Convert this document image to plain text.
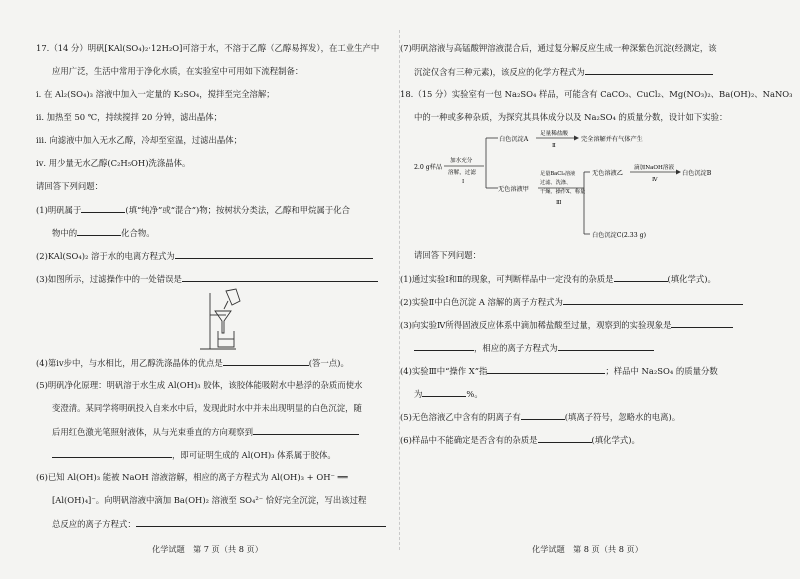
17.（14 分）明矾[KAl(SO₄)₂·12H₂O]可溶于水，不溶于乙醇（乙醇易挥发），在工业生产中
应用广泛，生活中常用于净化水质，在实验室中可用如下流程制备：
ⅰ. 在 Al₂(SO₄)₃ 溶液中加入一定量的 K₂SO₄，搅拌至完全溶解；
ⅱ. 加热至 50 ℃，持续搅拌 20 分钟，滤出晶体；
ⅲ. 向滤液中加入无水乙醇，冷却至室温，过滤出晶体；
ⅳ. 用少量无水乙醇(C₂H₅OH)洗涤晶体。
请回答下列问题：
(1)明矾属于	(填“纯净”或“混合”)物；按树状分类法，乙醇和甲烷属于化合
物中的	化合物。
(2)KAl(SO₄)₂ 溶于水的电离方程式为
(3)如图所示，过滤操作中的一处错误是
(4)第ⅳ步中，与水相比，用乙醇洗涤晶体的优点是	(答一点)。
(5)明矾净化原理：明矾溶于水生成 Al(OH)₃ 胶体，该胶体能吸附水中悬浮的杂质而使水
变澄清。某同学将明矾投入自来水中后，发现此时水中并未出现明显的白色沉淀，随
后用红色激光笔照射液体，从与光束垂直的方向观察到
，即可证明生成的 Al(OH)₃ 体系属于胶体。
(6)已知 Al(OH)₃ 能被 NaOH 溶液溶解，相应的离子方程式为 Al(OH)₃ + OH⁻ ══
[Al(OH)₄]⁻。向明矾溶液中滴加 Ba(OH)₂ 溶液至 SO₄²⁻ 恰好完全沉淀，写出该过程
总反应的离子方程式：
化学试题　第 7 页（共 8 页）
(7)明矾溶液与高锰酸钾溶液混合后，通过复分解反应生成一种深紫色沉淀(经测定，该
沉淀仅含有三种元素)，该反应的化学方程式为
18.（15 分）实验室有一包 Na₂SO₄ 样品，可能含有 CaCO₃、CuCl₂、Mg(NO₃)₂、Ba(OH)₂、NaNO₃
中的一种或多种杂质，为探究其具体成分以及 Na₂SO₄ 的质量分数，设计如下实验：
2.0 g样品
加水充分
溶解，过滤
Ⅰ
白色沉淀A
足量稀盐酸
Ⅱ
完全溶解并有气体产生
无色溶液甲
足量BaCl₂溶液
过滤、洗涤、
干燥、操作X、称量
Ⅲ
无色溶液乙
滴加NaOH溶液
Ⅳ
白色沉淀B
白色沉淀C(2.33 g)
请回答下列问题：
(1)通过实验Ⅰ和Ⅱ的现象，可判断样品中一定没有的杂质是	(填化学式)。
(2)实验Ⅱ中白色沉淀 A 溶解的离子方程式为
(3)向实验Ⅳ所得固液反应体系中滴加稀盐酸至过量，观察到的实验现象是
，相应的离子方程式为
(4)实验Ⅲ中“操作 X”指	；样品中 Na₂SO₄ 的质量分数
为	%。
(5)无色溶液乙中含有的阴离子有	(填离子符号，忽略水的电离)。
(6)样品中不能确定是否含有的杂质是	(填化学式)。
化学试题　第 8 页（共 8 页）
